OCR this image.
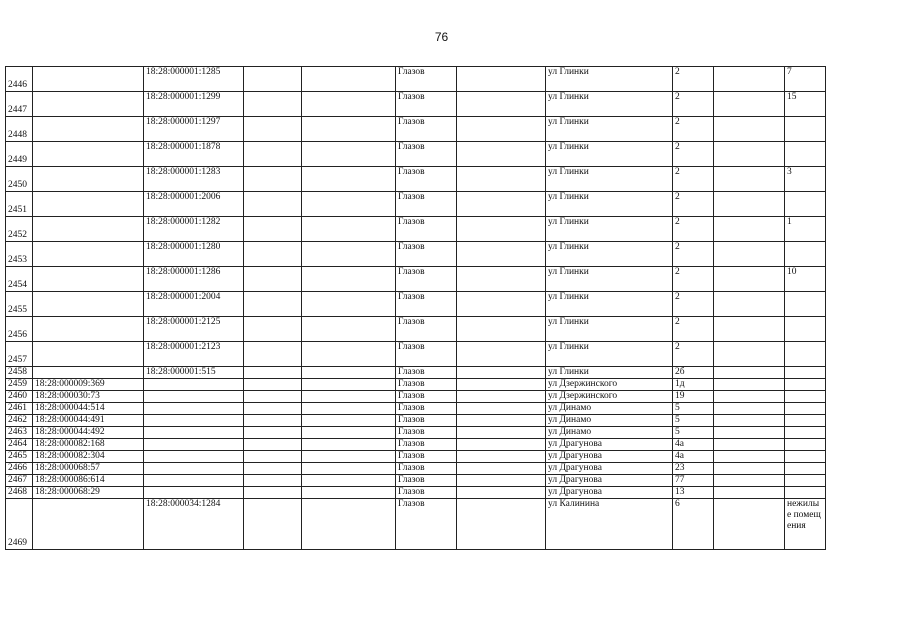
76
2446		18:28:000001:1285			Глазов		ул Глинки	2		7
2447		18:28:000001:1299			Глазов		ул Глинки	2		15
2448		18:28:000001:1297			Глазов		ул Глинки	2		
2449		18:28:000001:1878			Глазов		ул Глинки	2		
2450		18:28:000001:1283			Глазов		ул Глинки	2		3
2451		18:28:000001:2006			Глазов		ул Глинки	2		
2452		18:28:000001:1282			Глазов		ул Глинки	2		1
2453		18:28:000001:1280			Глазов		ул Глинки	2		
2454		18:28:000001:1286			Глазов		ул Глинки	2		10
2455		18:28:000001:2004			Глазов		ул Глинки	2		
2456		18:28:000001:2125			Глазов		ул Глинки	2		
2457		18:28:000001:2123			Глазов		ул Глинки	2		
2458		18:28:000001:515			Глазов		ул Глинки	2б		
2459	18:28:000009:369				Глазов		ул Дзержинского	1д		
2460	18:28:000030:73				Глазов		ул Дзержинского	19		
2461	18:28:000044:514				Глазов		ул Динамо	5		
2462	18:28:000044:491				Глазов		ул Динамо	5		
2463	18:28:000044:492				Глазов		ул Динамо	5		
2464	18:28:000082:168				Глазов		ул Драгунова	4а		
2465	18:28:000082:304				Глазов		ул Драгунова	4а		
2466	18:28:000068:57				Глазов		ул Драгунова	23		
2467	18:28:000086:614				Глазов		ул Драгунова	77		
2468	18:28:000068:29				Глазов		ул Драгунова	13		
2469		18:28:000034:1284			Глазов		ул Калинина	6		нежилые помещения
